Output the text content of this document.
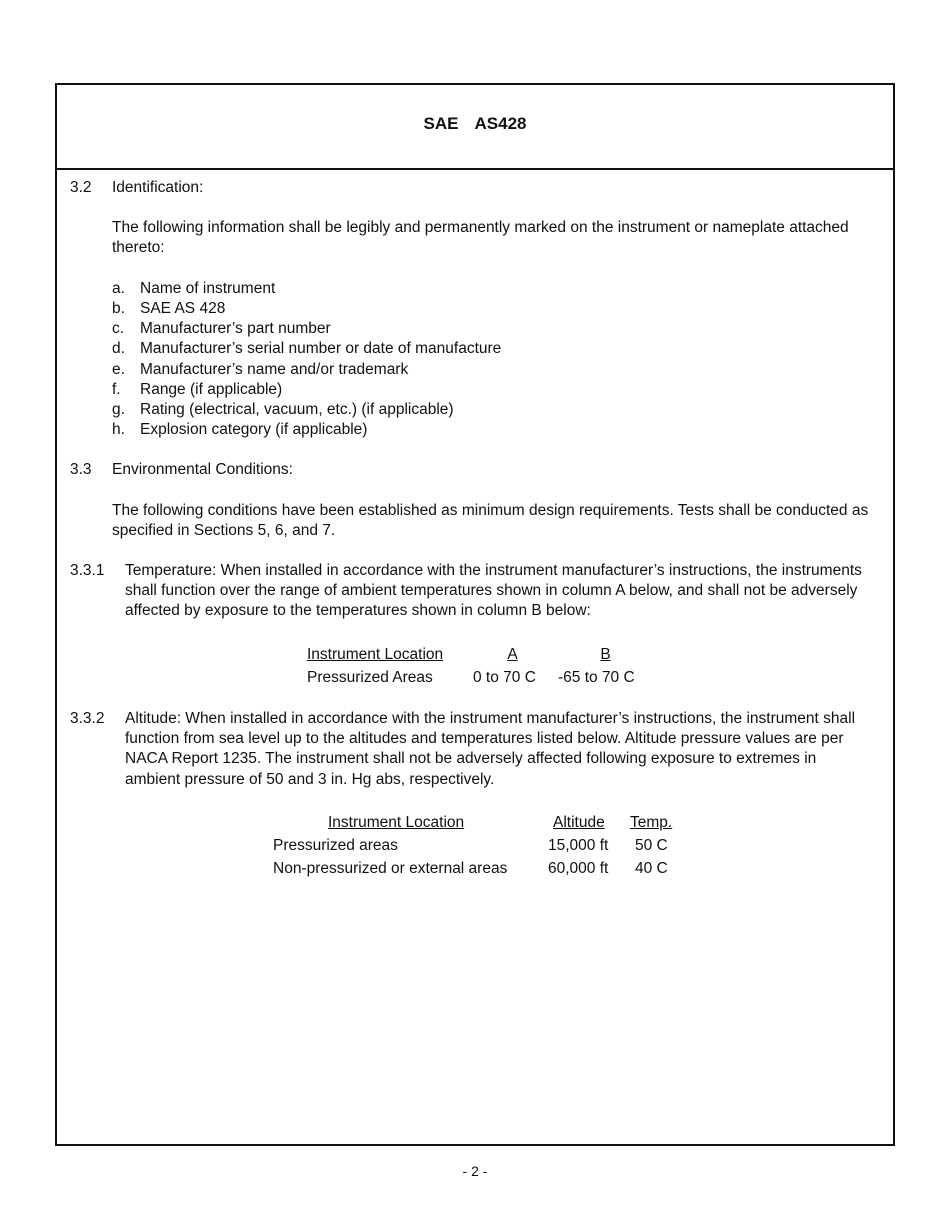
SAE AS428
3.2 Identification:
The following information shall be legibly and permanently marked on the instrument or nameplate attached thereto:
a. Name of instrument
b. SAE AS 428
c. Manufacturer’s part number
d. Manufacturer’s serial number or date of manufacture
e. Manufacturer’s name and/or trademark
f. Range (if applicable)
g. Rating (electrical, vacuum, etc.) (if applicable)
h. Explosion category (if applicable)
3.3 Environmental Conditions:
The following conditions have been established as minimum design requirements. Tests shall be conducted as specified in Sections 5, 6, and 7.
3.3.1 Temperature: When installed in accordance with the instrument manufacturer’s instructions, the instruments shall function over the range of ambient temperatures shown in column A below, and shall not be adversely affected by exposure to the temperatures shown in column B below:
Instrument Location	A	B
Pressurized Areas	0 to 70 C -65 to 70 C
3.3.2 Altitude: When installed in accordance with the instrument manufacturer’s instructions, the instrument shall function from sea level up to the altitudes and temperatures listed below. Altitude pressure values are per NACA Report 1235. The instrument shall not be adversely affected following exposure to extremes in ambient pressure of 50 and 3 in. Hg abs, respectively.
Instrument Location	Altitude Temp.
Pressurized areas	15,000 ft 50 C
Non-pressurized or external areas	60,000 ft 40 C
- 2 -
